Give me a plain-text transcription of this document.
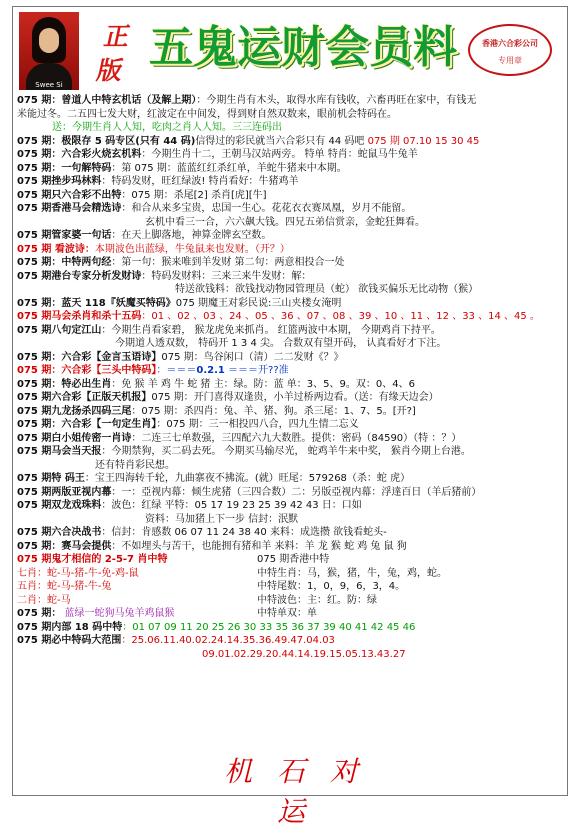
Swee Si
正版 五鬼运财会员料	香港六合彩公司
专用章
075 期：曾道人中特玄机话（及解上期）：今期生肖有木头，取得水库有钱收，六畜再旺在家中，有钱无
米能过冬。二五四七发大财，红波定在中间发，得到财自然双数来，眼前机会特码在。
送：今期生肖人人知，吃肉之肖人人知。三三连码出
075 期：极限存 5 码专区(只有 44 码)信得过的彩民就当六合彩只有 44 码吧 075 期 07.10 15 30 45
075 期：六合彩火烧玄机料：今期生肖十二，王朝马汉站两旁。 特单 特肖：蛇鼠马牛兔羊
075 期：一句解特码：第 075 期：蓝蓝红红杀红单，羊蛇牛猪来中本期。
075 期挫步玛林料：特码发财，旺红绿波! 特肖看好：牛猪鸡羊
075 期只六合彩不出特：075 期：杀尾[2] 杀肖[虎][牛]
075 期香港马会精选诗：和合从来多宝贵，忠国一生心。花花衣衣赛凤凰，岁月不能留。
玄机中看三一合，六六飙大钱。四兄五弟信赏亲，金蛇狂舞看。
075 期管家婆一句话：在天上脚落地，神算金牌玄空数。
075 期 看波诗：本期波色出蓝绿，牛兔鼠来也发财。（开？）
075 期：中特两句经：第一句：猴来唯到羊发财 第二句：两意相投合一处
075 期港台专家分析发财诗：特码发财料：三来三来牛发财：解：
特送欲钱料：欲钱找动物园管理员（蛇） 欲钱买偏乐无比动物（猴）
075 期：蓝天 118『妖魔买特码》075 期魔王对彩民说:三山夹楼女淹明
075 期马会杀肖和杀十五码：01 、02 、03 、24 、05 、36 、07 、08 、39 、10 、11 、12 、33 、14 、45 。
075 期八句定江山：今期生肖看家碧， 猴龙虎免来抓肖。 红篮两波中本期， 今期鸡肖下持平。
今期道人透双数， 特码开 1 3 4 尖。 合数双有望开码， 认真看好才下注。
075 期：六合彩【金言玉语诗】075 期：鸟谷闲口（清）二二发财《？》
075 期：六合彩【三头中特码】：＝＝＝0.2.1 ＝＝＝开??准
075 期：特必出生肖：免 猴 羊 鸡 牛 蛇 猪 主：绿。防：蓝 单：3、5、9。双：0、4、6
075 期六合彩【正版天机报】075 期：开门喜得双逢贵，小羊过桥两边看。（送：有缘天边会）
075 期九龙扬杀四码三尾：075 期：杀四肖：兔、羊、猪、狗。杀三尾：1、7、5。[开?]
075 期：六合彩【一句定生肖】：075 期：三一相投四八合，四九生情二忘义
075 期白小姐传密一肖诗：二连三七单数强，三四配六九大数胜。提供：密码（84590）（特 ：？）
075 期马会当天报：今期禁狗，买二码去死。 今期买马输尽光， 蛇鸡羊牛来中奖， 猴肖今期上台港。
还有特肖彩民想。
075 期特 码王：宝王四海转千轮，九曲寨夜不拂流。(就）旺尾：579268（杀：蛇 虎）
075 期两版亚视内幕：一：亞视内幕：倾生虎猪（三四合数）二：另版亞视内幕：浮達百日（羊后猪前）
075 期双龙戏珠料：波色：红绿 平特：05 17 19 23 25 39 42 43 日：口如
资料：马加猪上下一步 信封：泯默
075 期六合决战书：信封：肯感数 06 07 11 24 38 40 来料：成选攒 欲钱看蛇头-
075 期：赛马会提供：不如埋头与苦干，也能拥有猪和羊 来料：羊 龙 猴 蛇 鸡 兔 鼠 狗
075 期鬼才相信的 2-5-7 肖中特
七肖：蛇-马-猪-牛-免-鸡-鼠
五肖：蛇-马-猪-牛-兔
二肖：蛇-马
075 期： 蓝绿一蛇狗马兔羊鸡鼠猴
075 期香港中特
中特生肖：马，猴，猪，牛，兔，鸡，蛇。
中特尾数：1，0，9，6，3，4。
中特波色：主：红。防：绿
中特单双：单
075 期内部 18 码中特：01 07 09 11 20 25 26 30 33 35 36 37 39 40 41 42 45 46
075 期必中特码大范围：25.06.11.40.02.24.14.35.36.49.47.04.03
09.01.02.29.20.44.14.19.15.05.13.43.27
机 石 对 运
